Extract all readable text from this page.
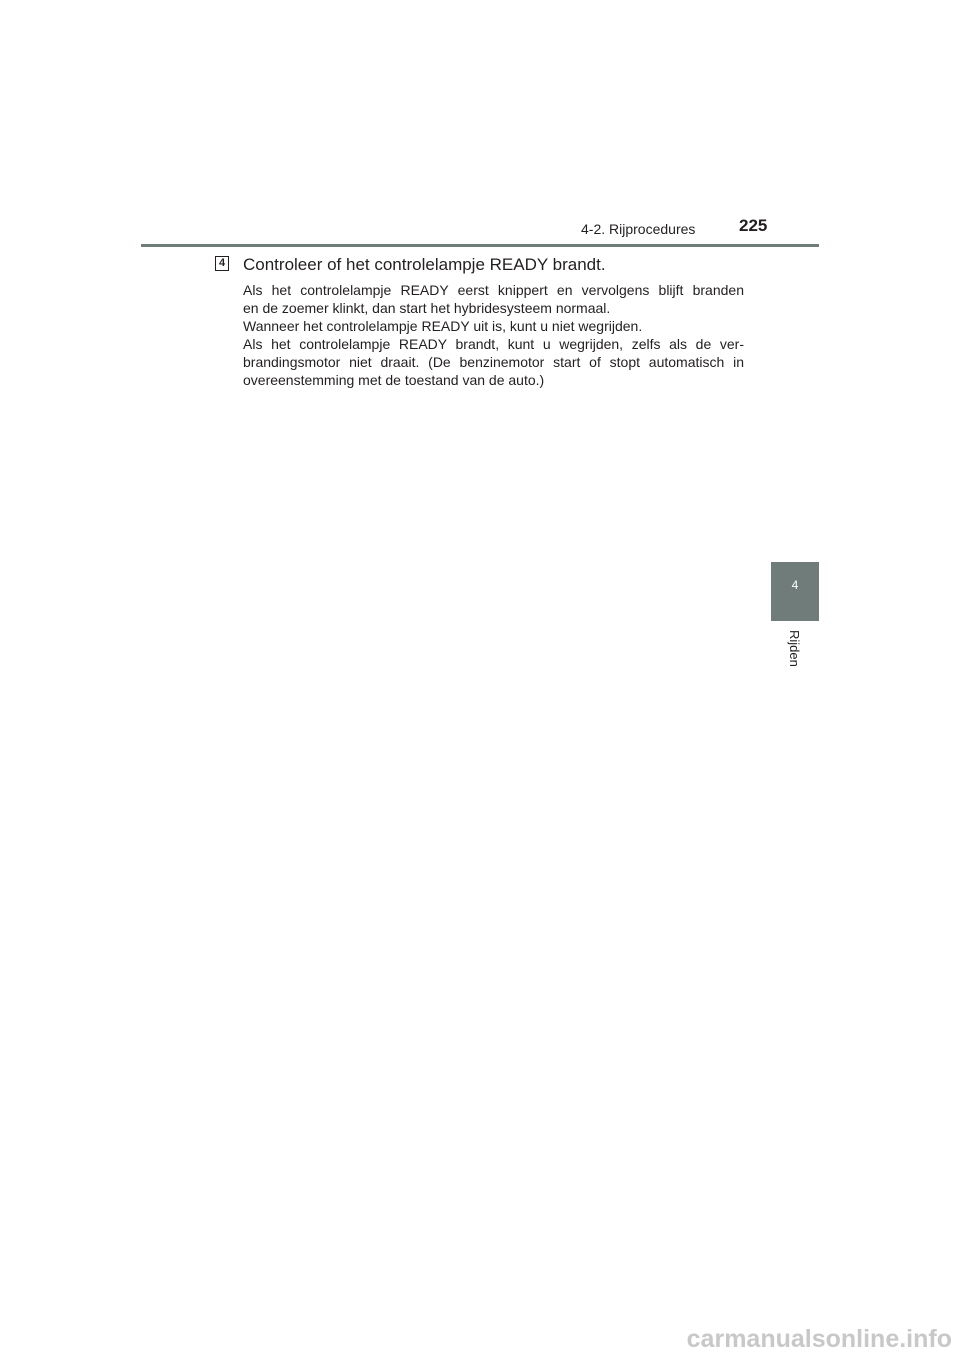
4-2. Rijprocedures	225
4 Controleer of het controlelampje READY brandt.

Als het controlelampje READY eerst knippert en vervolgens blijft branden

en de zoemer klinkt, dan start het hybridesysteem normaal.

Wanneer het controlelampje READY uit is, kunt u niet wegrijden.

Als het controlelampje READY brandt, kunt u wegrijden, zelfs als de ver-

brandingsmotor niet draait. (De benzinemotor start of stopt automatisch in

overeenstemming met de toestand van de auto.)

4
Rijden
carmanualsonline.info
